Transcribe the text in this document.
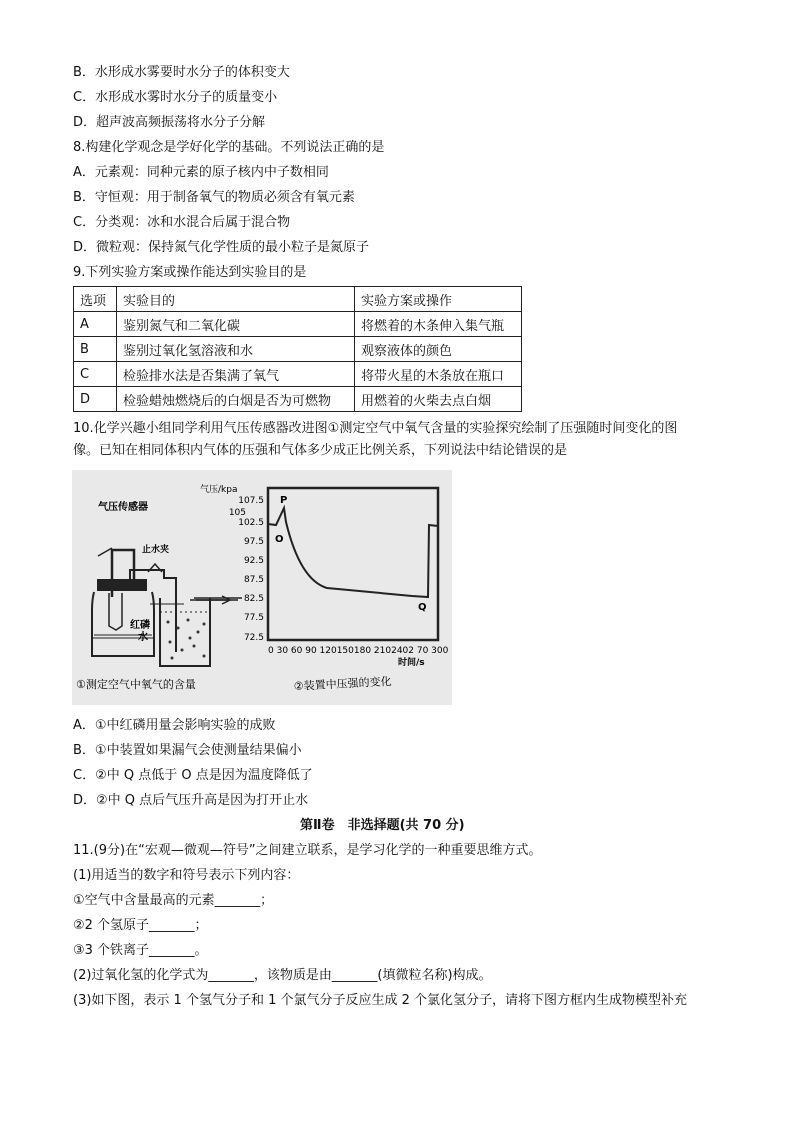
B．水形成水雾要时水分子的体积变大
C．水形成水雾时水分子的质量变小
D．超声波高频振荡将水分子分解
8.构建化学观念是学好化学的基础。不列说法正确的是
A．元素观：同种元素的原子核内中子数相同
B．守恒观：用于制备氧气的物质必须含有氧元素
C．分类观：冰和水混合后属于混合物
D．微粒观：保持氮气化学性质的最小粒子是氮原子
9.下列实验方案或操作能达到实验目的是
选项	实验目的	实验方案或操作
A	鉴别氮气和二氧化碳	将燃着的木条伸入集气瓶
B	鉴别过氧化氢溶液和水	观察液体的颜色
C	检验排水法是否集满了氧气	将带火星的木条放在瓶口
D	检验蜡烛燃烧后的白烟是否为可燃物	用燃着的火柴去点白烟
10.化学兴趣小组同学利用气压传感器改进图①测定空气中氧气含量的实验探究绘制了压强随时间变化的图
像。已知在相同体积内气体的压强和气体多少成正比例关系，下列说法中结论错误的是
气压传感器
止水夹
红磷
水
①测定空气中氧气的含量
气压/kpa
107.5
102.5
97.5
92.5
87.5
82.5
77.5
72.5
105
0 30 60 90 120150180 2102402 70 300
时间/s
O
P
Q
②装置中压强的变化
A．①中红磷用量会影响实验的成败
B．①中装置如果漏气会使测量结果偏小
C．②中 Q 点低于 O 点是因为温度降低了
D．②中 Q 点后气压升高是因为打开止水
第Ⅱ卷　非选择题(共 70 分)
11.(9分)在“宏观—微观—符号”之间建立联系，是学习化学的一种重要思维方式。
(1)用适当的数字和符号表示下列内容：
①空气中含量最高的元素_______；
②2 个氢原子_______；
③3 个铁离子_______。
(2)过氧化氢的化学式为_______，该物质是由_______(填微粒名称)构成。
(3)如下图，表示 1 个氢气分子和 1 个氯气分子反应生成 2 个氯化氢分子，请将下图方框内生成物模型补充
